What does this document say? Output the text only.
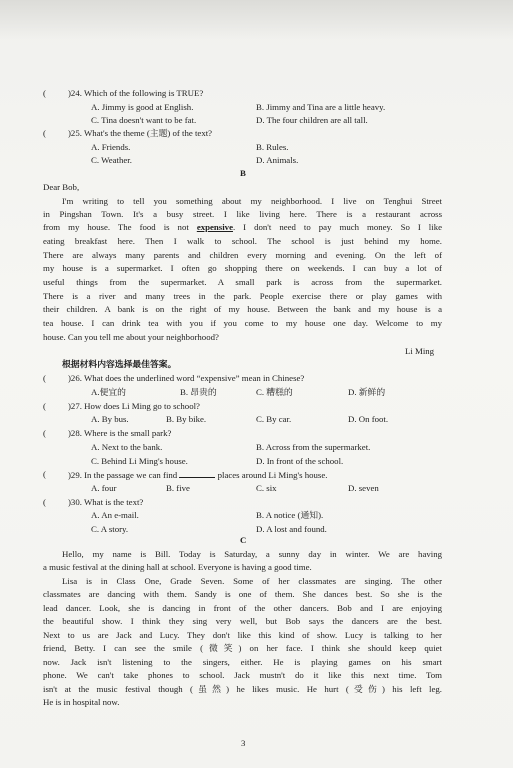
(	)24. Which of the following is TRUE?
A. Jimmy is good at English.	B. Jimmy and Tina are a little heavy.
C. Tina doesn't want to be fat.	D. The four children are all tall.
(	)25. What's the theme (主题) of the text?
A. Friends.	B. Rules.
C. Weather.	D. Animals.
B
Dear Bob,
I'm writing to tell you something about my neighborhood. I live on Tenghui Street
in Pingshan Town. It's a busy street. I like living here. There is a restaurant across
from my house. The food is not expensive. I don't need to pay much money. So I like
eating breakfast here. Then I walk to school. The school is just behind my home.
There are always many parents and children every morning and evening. On the left of
my house is a supermarket. I often go shopping there on weekends. I can buy a lot of
useful things from the supermarket. A small park is across from the supermarket.
There is a river and many trees in the park. People exercise there or play games with
their children. A bank is on the right of my house. Between the bank and my house is a
tea house. I can drink tea with you if you come to my house one day. Welcome to my
house. Can you tell me about your neighborhood?
Li Ming
根据材料内容选择最佳答案。
(	)26. What does the underlined word “expensive” mean in Chinese?
A.便宜的	B. 昂贵的	C. 糟糕的	D. 新鲜的
(	)27. How does Li Ming go to school?
A. By bus.	B. By bike.	C. By car.	D. On foot.
(	)28. Where is the small park?
A. Next to the bank.	B. Across from the supermarket.
C. Behind Li Ming's house.	D. In front of the school.
(	)29. In the passage we can find	places around Li Ming's house.
A. four	B. five	C. six	D. seven
(	)30. What is the text?
A. An e-mail.	B. A notice (通知).
C. A story.	D. A lost and found.
C
Hello, my name is Bill. Today is Saturday, a sunny day in winter. We are having
a music festival at the dining hall at school. Everyone is having a good time.
Lisa is in Class One, Grade Seven. Some of her classmates are singing. The other
classmates are dancing with them. Sandy is one of them. She dances best. So she is the
lead dancer. Look, she is dancing in front of the other dancers. Bob and I are enjoying
the beautiful show. I think they sing very well, but Bob says the dancers are the best.
Next to us are Jack and Lucy. They don't like this kind of show. Lucy is talking to her
friend, Betty. I can see the smile (微笑) on her face. I think she should keep quiet
now. Jack isn't listening to the singers, either. He is playing games on his smart
phone. We can't take phones to school. Jack mustn't do it like this next time. Tom
isn't at the music festival though (虽然) he likes music. He hurt (受伤) his left leg.
He is in hospital now.
3
